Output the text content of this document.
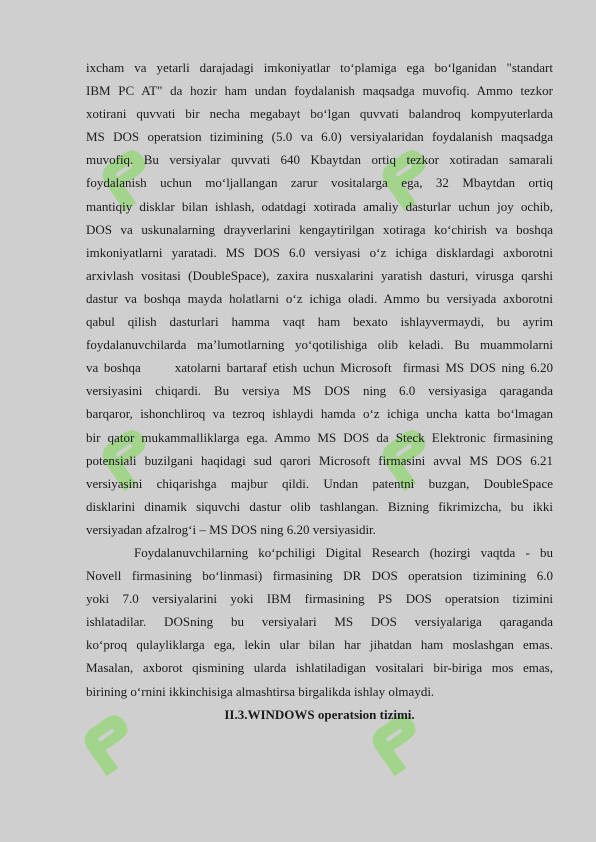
ixcham va yetarli darajadagi imkoniyatlar to‘plamiga ega bo‘lganidan "standart
IBM PC AT" da hozir ham undan foydalanish maqsadga muvofiq. Ammo tezkor
xotirani quvvati bir necha megabayt bo‘lgan quvvati balandroq kompyuterlarda
MS DOS operatsion tizimining (5.0 va 6.0) versiyalaridan foydalanish maqsadga
muvofiq. Bu versiyalar quvvati 640 Kbaytdan ortiq tezkor xotiradan samarali
foydalanish uchun mo‘ljallangan zarur vositalarga ega, 32 Mbaytdan ortiq
mantiqiy disklar bilan ishlash, odatdagi xotirada amaliy dasturlar uchun joy ochib,
DOS va uskunalarning drayverlarini kengaytirilgan xotiraga ko‘chirish va boshqa
imkoniyatlarni yaratadi. MS DOS 6.0 versiyasi o‘z ichiga disklardagi axborotni
arxivlash vositasi (DoubleSpace), zaxira nusxalarini yaratish dasturi, virusga qarshi
dastur va boshqa mayda holatlarni o‘z ichiga oladi. Ammo bu versiyada axborotni
qabul qilish dasturlari hamma vaqt ham bexato ishlayvermaydi, bu ayrim
foydalanuvchilarda ma’lumotlarning yo‘qotilishiga olib keladi. Bu muammolarni
va boshqa      xatolarni bartaraf etish uchun Microsoft  firmasi MS DOS ning 6.20
versiyasini chiqardi. Bu versiya MS DOS ning 6.0 versiyasiga qaraganda
barqaror, ishonchliroq va tezroq ishlaydi hamda o‘z ichiga uncha katta bo‘lmagan
bir qator mukammalliklarga ega. Ammo MS DOS da Steck Elektronic firmasining
potensiali buzilgani haqidagi sud qarori Microsoft firmasini avval MS DOS 6.21
versiyasini chiqarishga majbur qildi. Undan patentni buzgan, DoubleSpace
disklarini dinamik siquvchi dastur olib tashlangan. Bizning fikrimizcha, bu ikki
versiyadan afzalrog‘i – MS DOS ning 6.20 versiyasidir.
Foydalanuvchilarning ko‘pchiligi Digital Research (hozirgi vaqtda - bu
Novell firmasining bo‘linmasi) firmasining DR DOS operatsion tizimining 6.0
yoki 7.0 versiyalarini yoki IBM firmasining PS DOS operatsion tizimini
ishlatadilar. DOSning bu versiyalari MS DOS versiyalariga qaraganda
ko‘proq qulayliklarga ega, lekin ular bilan har jihatdan ham moslashgan emas.
Masalan, axborot qismining ularda ishlatiladigan vositalari bir-biriga mos emas,
birining o‘rnini ikkinchisiga almashtirsa birgalikda ishlay olmaydi.
II.3.WINDOWS operatsion tizimi.
